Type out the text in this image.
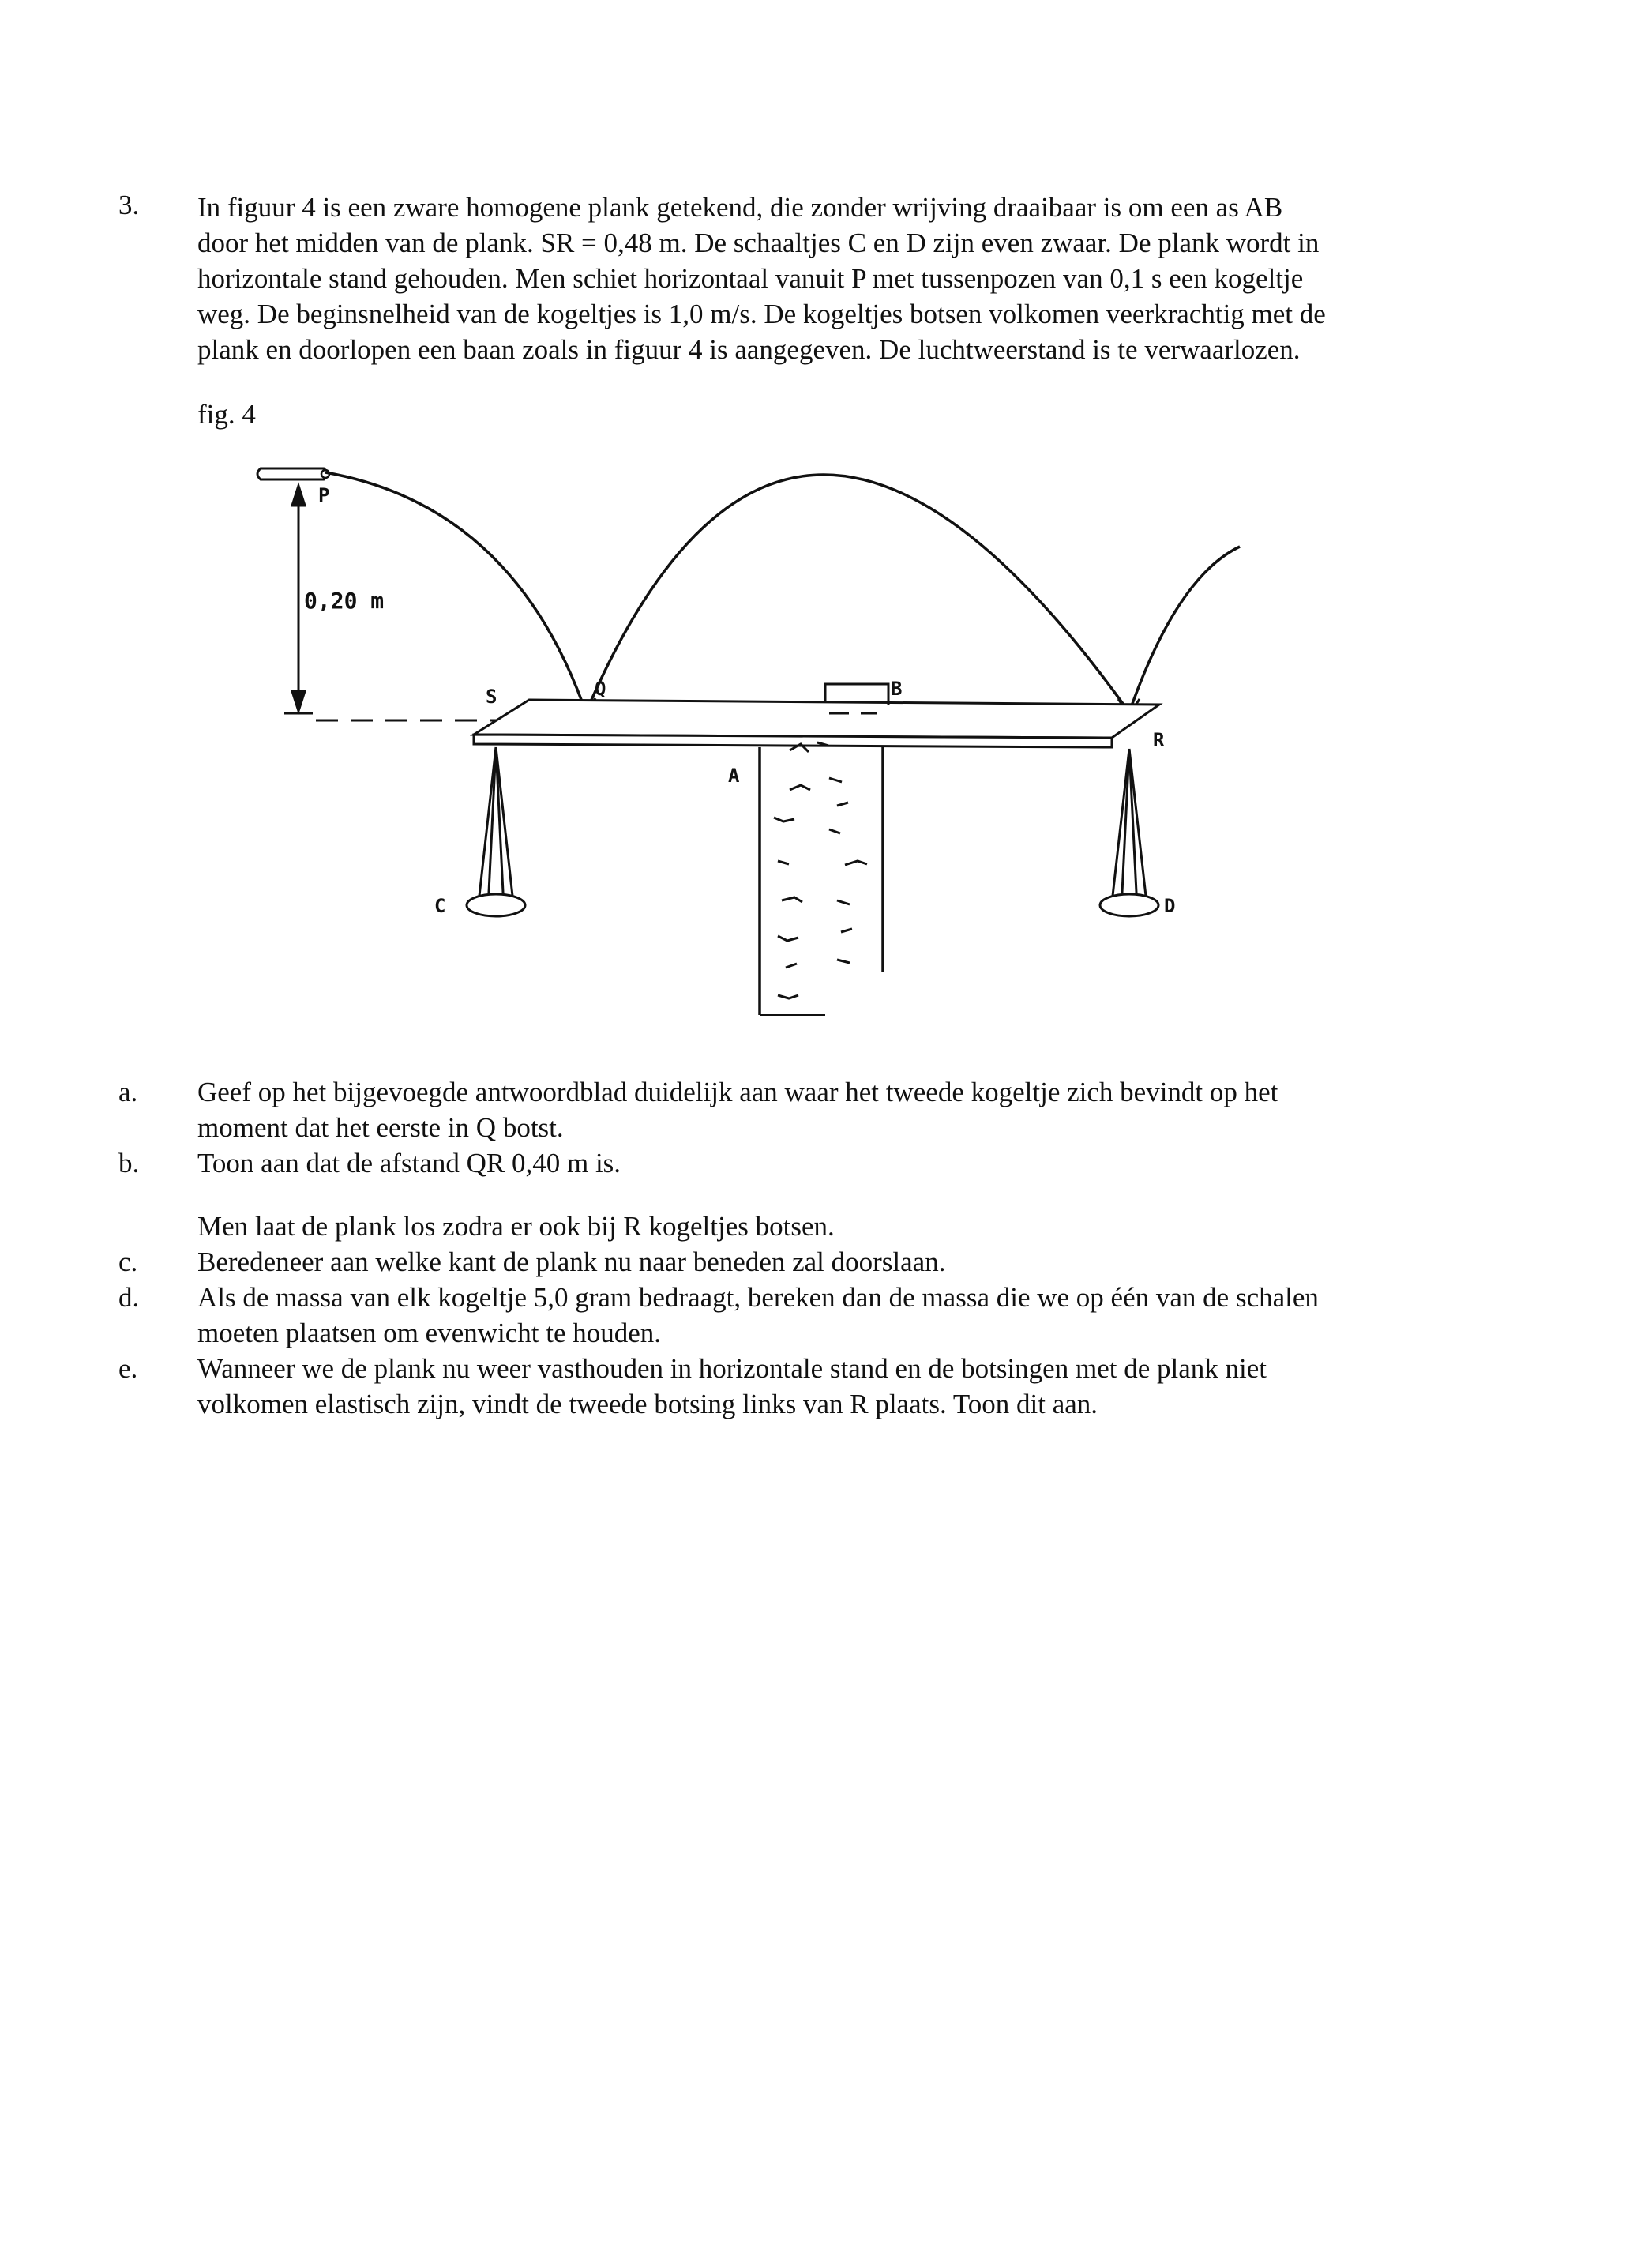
3. In figuur 4 is een zware homogene plank getekend, die zonder wrijving draaibaar is om een as AB

door het midden van de plank. SR = 0,48 m. De schaaltjes C en D zijn even zwaar. De plank wordt in

horizontale stand gehouden. Men schiet horizontaal vanuit P met tussenpozen van 0,1 s een kogeltje

weg. De beginsnelheid van de kogeltjes is 1,0 m/s. De kogeltjes botsen volkomen veerkrachtig met de

plank en doorlopen een baan zoals in figuur 4 is aangegeven. De luchtweerstand is te verwaarlozen.

fig. 4
P
0,20 m
S	Q	B
A
R
C	D
a. Geef op het bijgevoegde antwoordblad duidelijk aan waar het tweede kogeltje zich bevindt op het
moment dat het eerste in Q botst.
b. Toon aan dat de afstand QR 0,40 m is.
Men laat de plank los zodra er ook bij R kogeltjes botsen.
c. Beredeneer aan welke kant de plank nu naar beneden zal doorslaan.
d. Als de massa van elk kogeltje 5,0 gram bedraagt, bereken dan de massa die we op één van de schalen
moeten plaatsen om evenwicht te houden.
e. Wanneer we de plank nu weer vasthouden in horizontale stand en de botsingen met de plank niet
volkomen elastisch zijn, vindt de tweede botsing links van R plaats. Toon dit aan.
